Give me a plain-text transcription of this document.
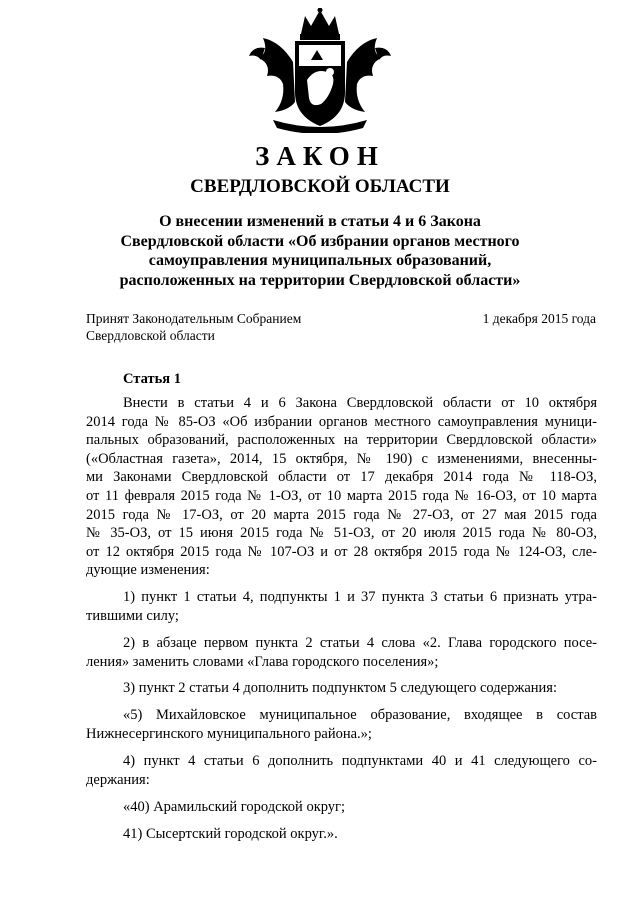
ЗАКОН
СВЕРДЛОВСКОЙ ОБЛАСТИ
О внесении изменений в статьи 4 и 6 Закона
Свердловской области «Об избрании органов местного
самоуправления муниципальных образований,
расположенных на территории Свердловской области»
Принят Законодательным Собранием
Свердловской области
1 декабря 2015 года
Статья 1
Внести в статьи 4 и 6 Закона Свердловской области от 10 октября
2014 года № 85-ОЗ «Об избрании органов местного самоуправления муници-
пальных образований, расположенных на территории Свердловской области»
(«Областная газета», 2014, 15 октября, № 190) с изменениями, внесенны-
ми Законами Свердловской области от 17 декабря 2014 года № 118-ОЗ,
от 11 февраля 2015 года № 1-ОЗ, от 10 марта 2015 года № 16-ОЗ, от 10 марта
2015 года № 17-ОЗ, от 20 марта 2015 года № 27-ОЗ, от 27 мая 2015 года
№ 35-ОЗ, от 15 июня 2015 года № 51-ОЗ, от 20 июля 2015 года № 80-ОЗ,
от 12 октября 2015 года № 107-ОЗ и от 28 октября 2015 года № 124-ОЗ, сле-
дующие изменения:
1) пункт 1 статьи 4, подпункты 1 и 37 пункта 3 статьи 6 признать утра-
тившими силу;
2) в абзаце первом пункта 2 статьи 4 слова «2. Глава городского посе-
ления» заменить словами «Глава городского поселения»;
3) пункт 2 статьи 4 дополнить подпунктом 5 следующего содержания:
«5) Михайловское муниципальное образование, входящее в состав
Нижнесергинского муниципального района.»;
4) пункт 4 статьи 6 дополнить подпунктами 40 и 41 следующего со-
держания:
«40) Арамильский городской округ;
41) Сысертский городской округ.».
